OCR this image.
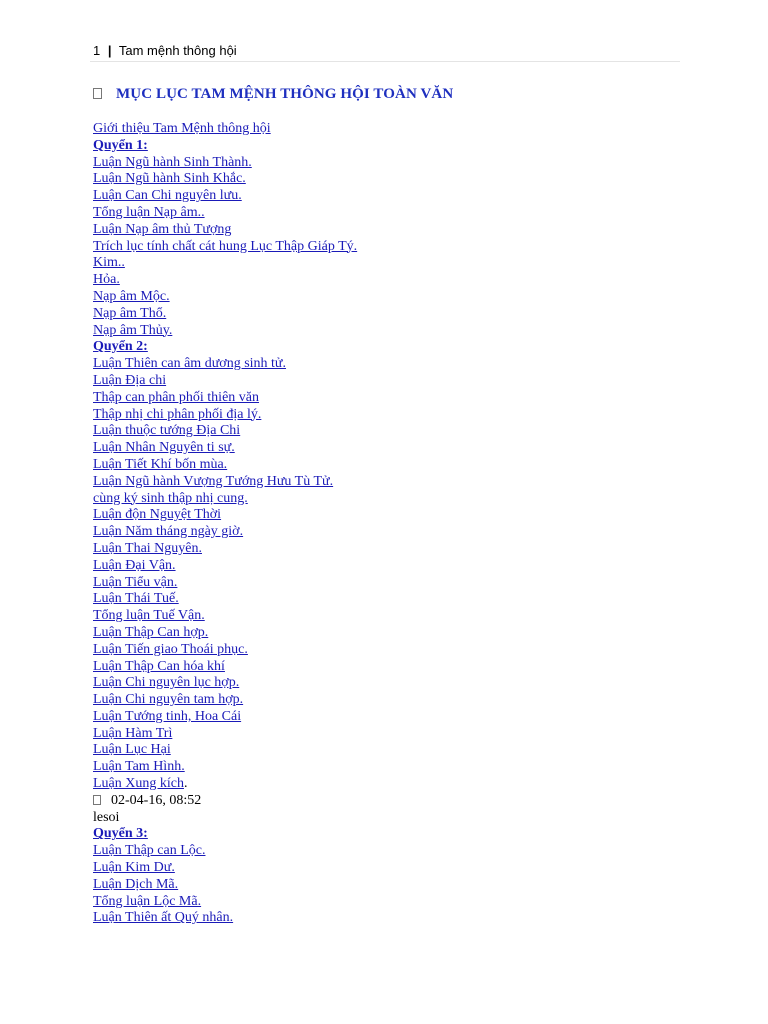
1 | Tam mệnh thông hội
MỤC LỤC TAM MỆNH THÔNG HỘI TOÀN VĂN
Giới thiệu Tam Mệnh thông hội
Quyển 1:
Luận Ngũ hành Sinh Thành.
Luận Ngũ hành Sinh Khắc.
Luận Can Chi nguyên lưu.
Tổng luận Nạp âm..
Luận Nạp âm thủ Tượng
Trích lục tính chất cát hung Lục Thập Giáp Tý.
Kim..
Hỏa.
Nạp âm Mộc.
Nạp âm Thổ.
Nạp âm Thủy.
Quyển 2:
Luận Thiên can âm dương sinh tử.
Luận Địa chi
Thập can phân phối thiên văn
Thập nhị chi phân phối địa lý.
Luận thuộc tướng Địa Chi
Luận Nhân Nguyên ti sự.
Luận Tiết Khí bốn mùa.
Luận Ngũ hành Vượng Tướng Hưu Tù Tử.
cùng ký sinh thập nhị cung.
Luận độn Nguyệt Thời
Luận Năm tháng ngày giờ.
Luận Thai Nguyên.
Luận Đại Vận.
Luận Tiểu vận.
Luận Thái Tuế.
Tổng luận Tuế Vận.
Luận Thập Can hợp.
Luận Tiến giao Thoái phục.
Luận Thập Can hóa khí
Luận Chi nguyên lục hợp.
Luận Chi nguyên tam hợp.
Luận Tướng tinh, Hoa Cái
Luận Hàm Trì
Luận Lục Hại
Luận Tam Hình.
Luận Xung kích.
02-04-16, 08:52
lesoi
Quyển 3:
Luận Thập can Lộc.
Luận Kim Dư.
Luận Dịch Mã.
Tổng luận Lộc Mã.
Luận Thiên ất Quý nhân.
